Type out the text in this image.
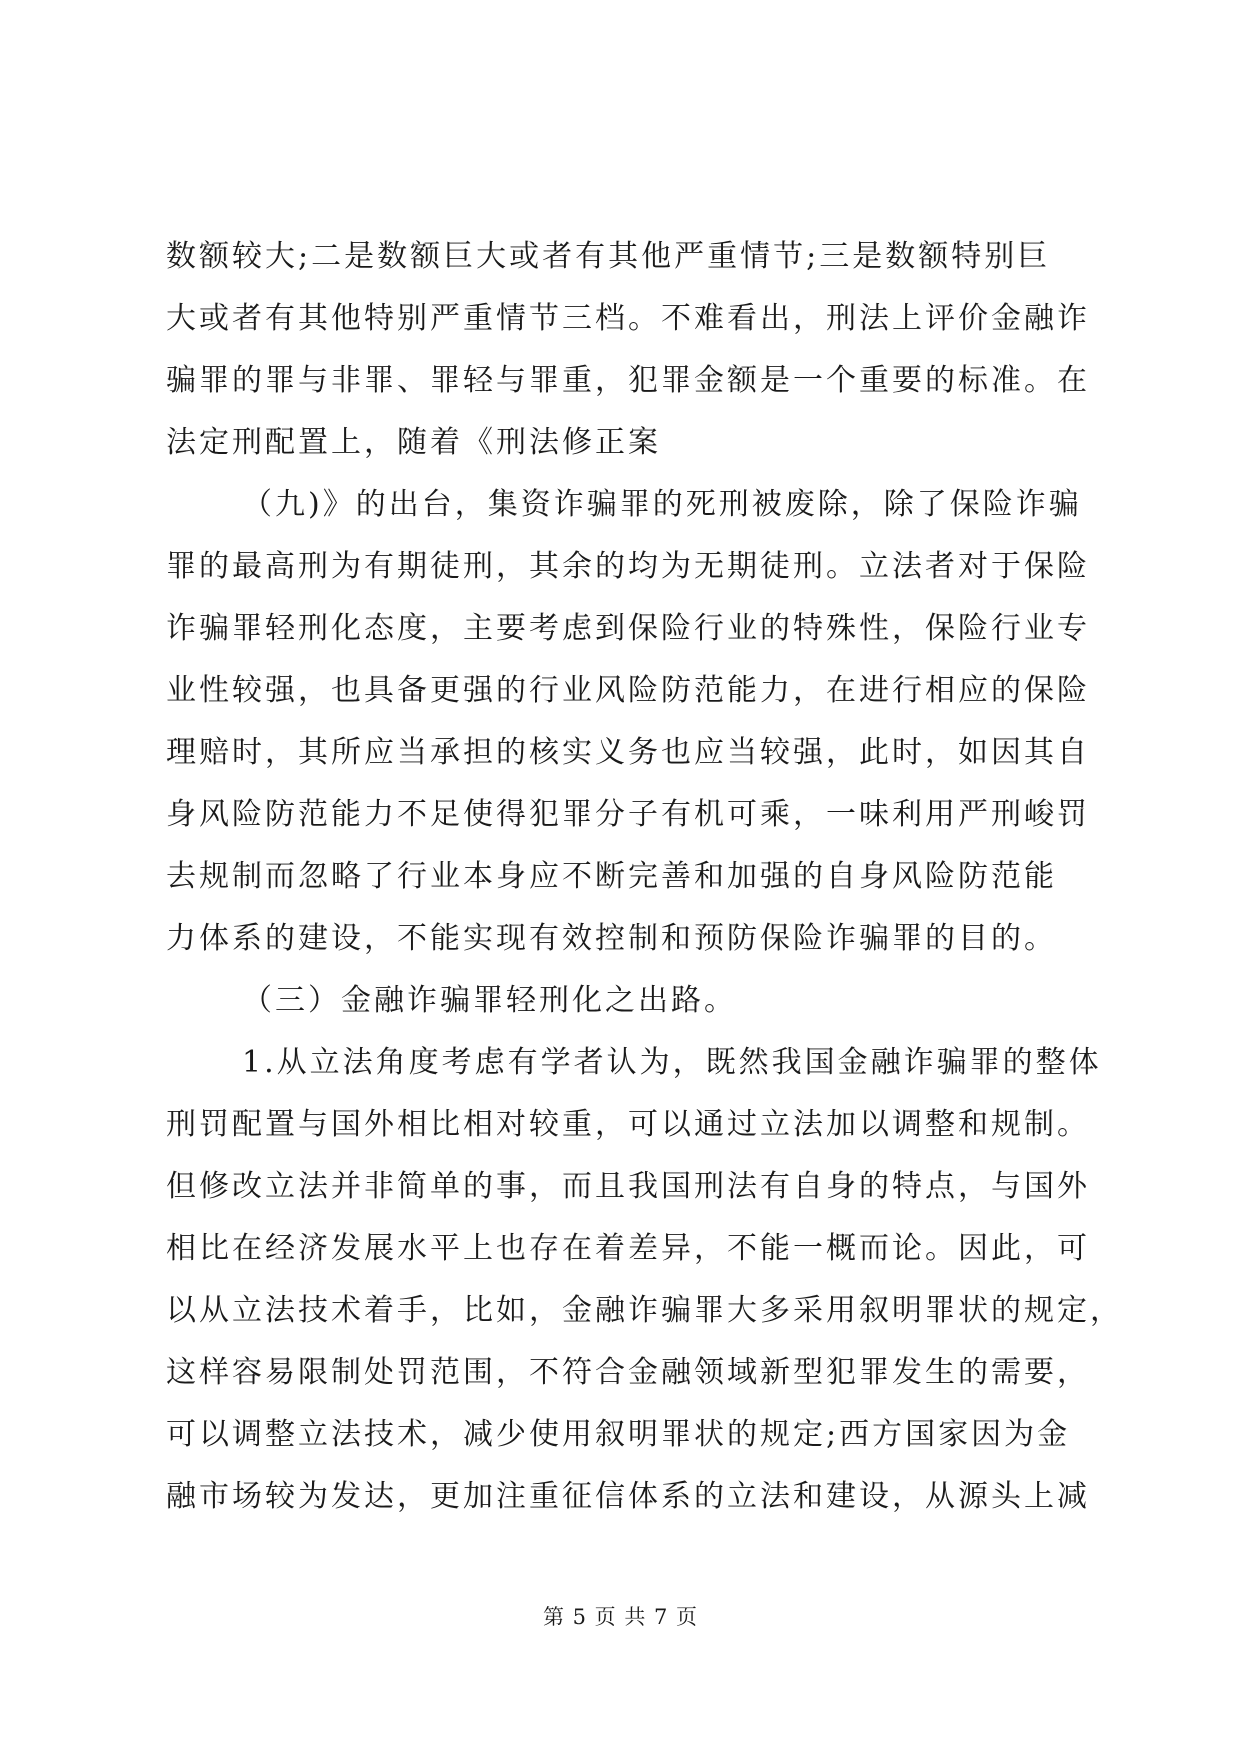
数额较大;二是数额巨大或者有其他严重情节;三是数额特别巨
大或者有其他特别严重情节三档。不难看出，刑法上评价金融诈
骗罪的罪与非罪、罪轻与罪重，犯罪金额是一个重要的标准。在
法定刑配置上，随着《刑法修正案
（九)》的出台，集资诈骗罪的死刑被废除，除了保险诈骗
罪的最高刑为有期徒刑，其余的均为无期徒刑。立法者对于保险
诈骗罪轻刑化态度，主要考虑到保险行业的特殊性，保险行业专
业性较强，也具备更强的行业风险防范能力，在进行相应的保险
理赔时，其所应当承担的核实义务也应当较强，此时，如因其自
身风险防范能力不足使得犯罪分子有机可乘，一味利用严刑峻罚
去规制而忽略了行业本身应不断完善和加强的自身风险防范能
力体系的建设，不能实现有效控制和预防保险诈骗罪的目的。
（三）金融诈骗罪轻刑化之出路。
1.从立法角度考虑有学者认为，既然我国金融诈骗罪的整体
刑罚配置与国外相比相对较重，可以通过立法加以调整和规制。
但修改立法并非简单的事，而且我国刑法有自身的特点，与国外
相比在经济发展水平上也存在着差异，不能一概而论。因此，可
以从立法技术着手，比如，金融诈骗罪大多采用叙明罪状的规定，
这样容易限制处罚范围，不符合金融领域新型犯罪发生的需要，
可以调整立法技术，减少使用叙明罪状的规定;西方国家因为金
融市场较为发达，更加注重征信体系的立法和建设，从源头上减
第 5 页 共 7 页
